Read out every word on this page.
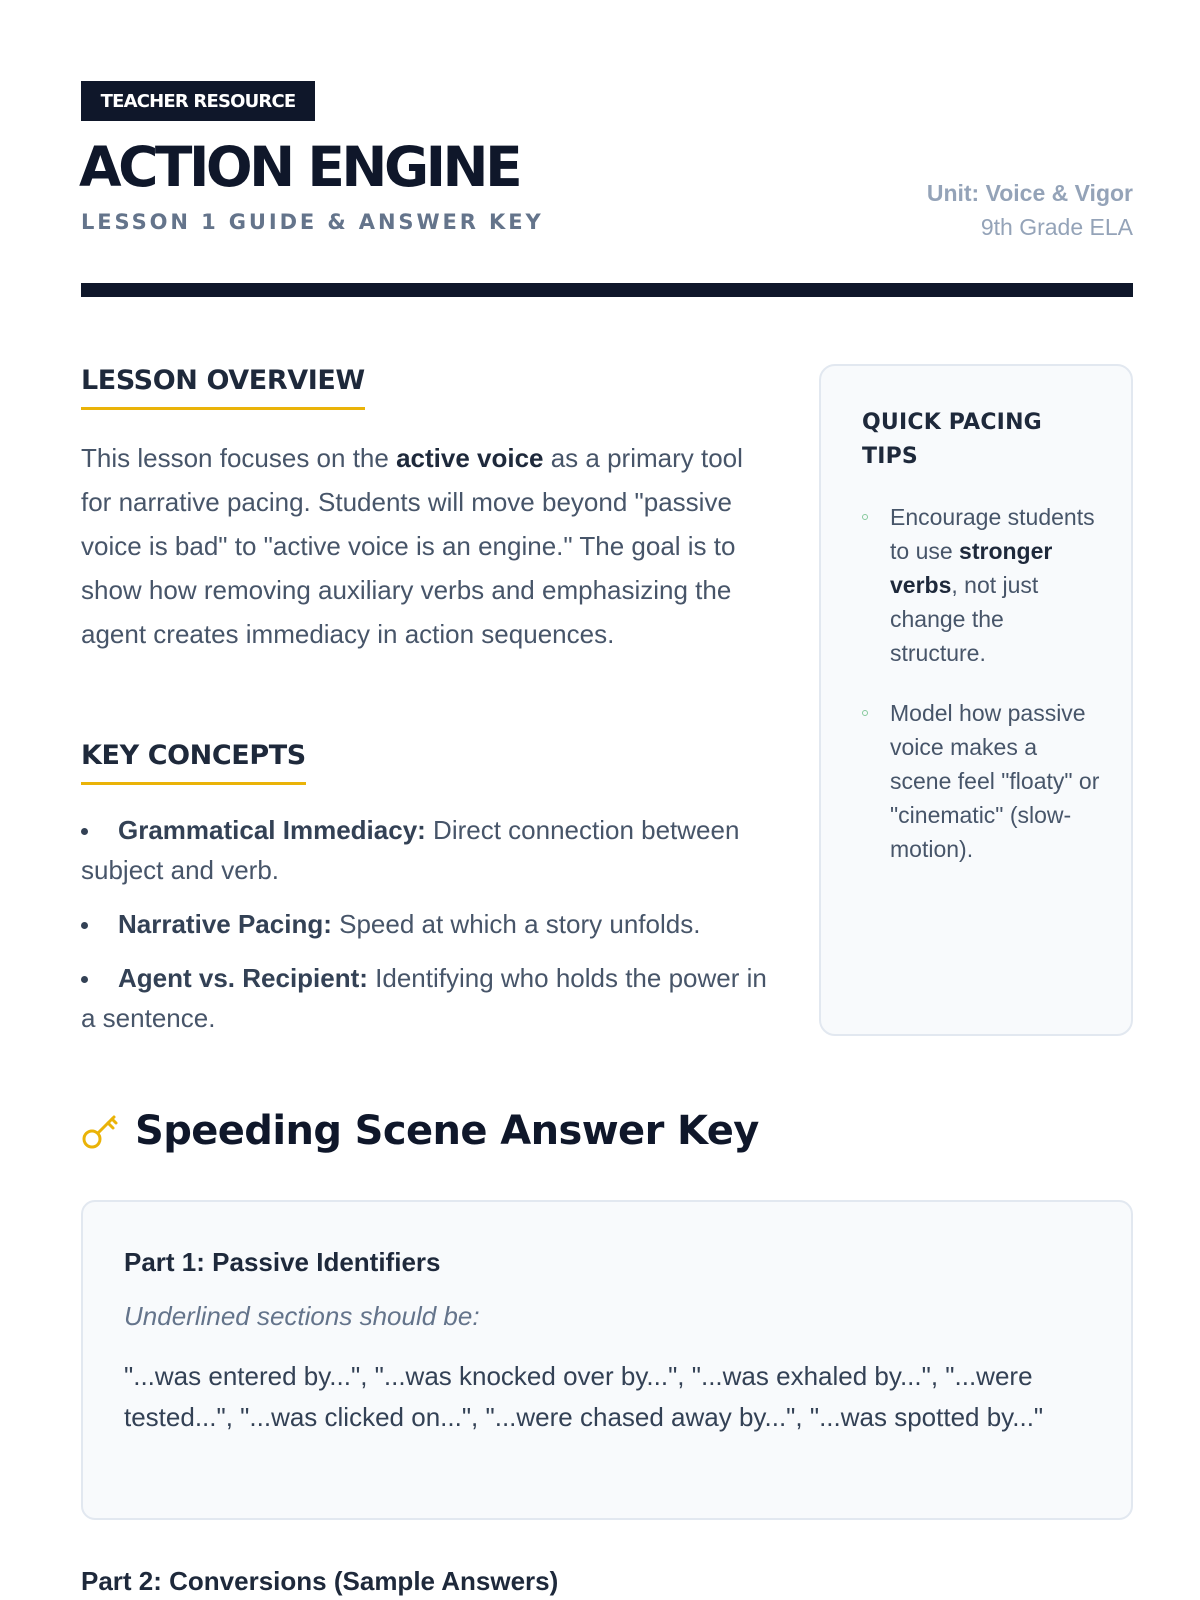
TEACHER RESOURCE
ACTION ENGINE
LESSON 1 GUIDE & ANSWER KEY
Unit: Voice & Vigor
9th Grade ELA
LESSON OVERVIEW

This lesson focuses on the active voice as a primary tool for narrative pacing. Students will move beyond "passive voice is bad" to "active voice is an engine." The goal is to show how removing auxiliary verbs and emphasizing the agent creates immediacy in action sequences.

KEY CONCEPTS
Grammatical Immediacy: Direct connection between subject and verb.
Narrative Pacing: Speed at which a story unfolds.
Agent vs. Recipient: Identifying who holds the power in a sentence.
QUICK PACING TIPS
Encourage students to use stronger verbs, not just change the structure.
Model how passive voice makes a scene feel "floaty" or "cinematic" (slow-motion).
Speeding Scene Answer Key
Part 1: Passive Identifiers

Underlined sections should be:

"...was entered by...", "...was knocked over by...", "...was exhaled by...", "...were tested...", "...was clicked on...", "...were chased away by...", "...was spotted by..."

Part 2: Conversions (Sample Answers)
